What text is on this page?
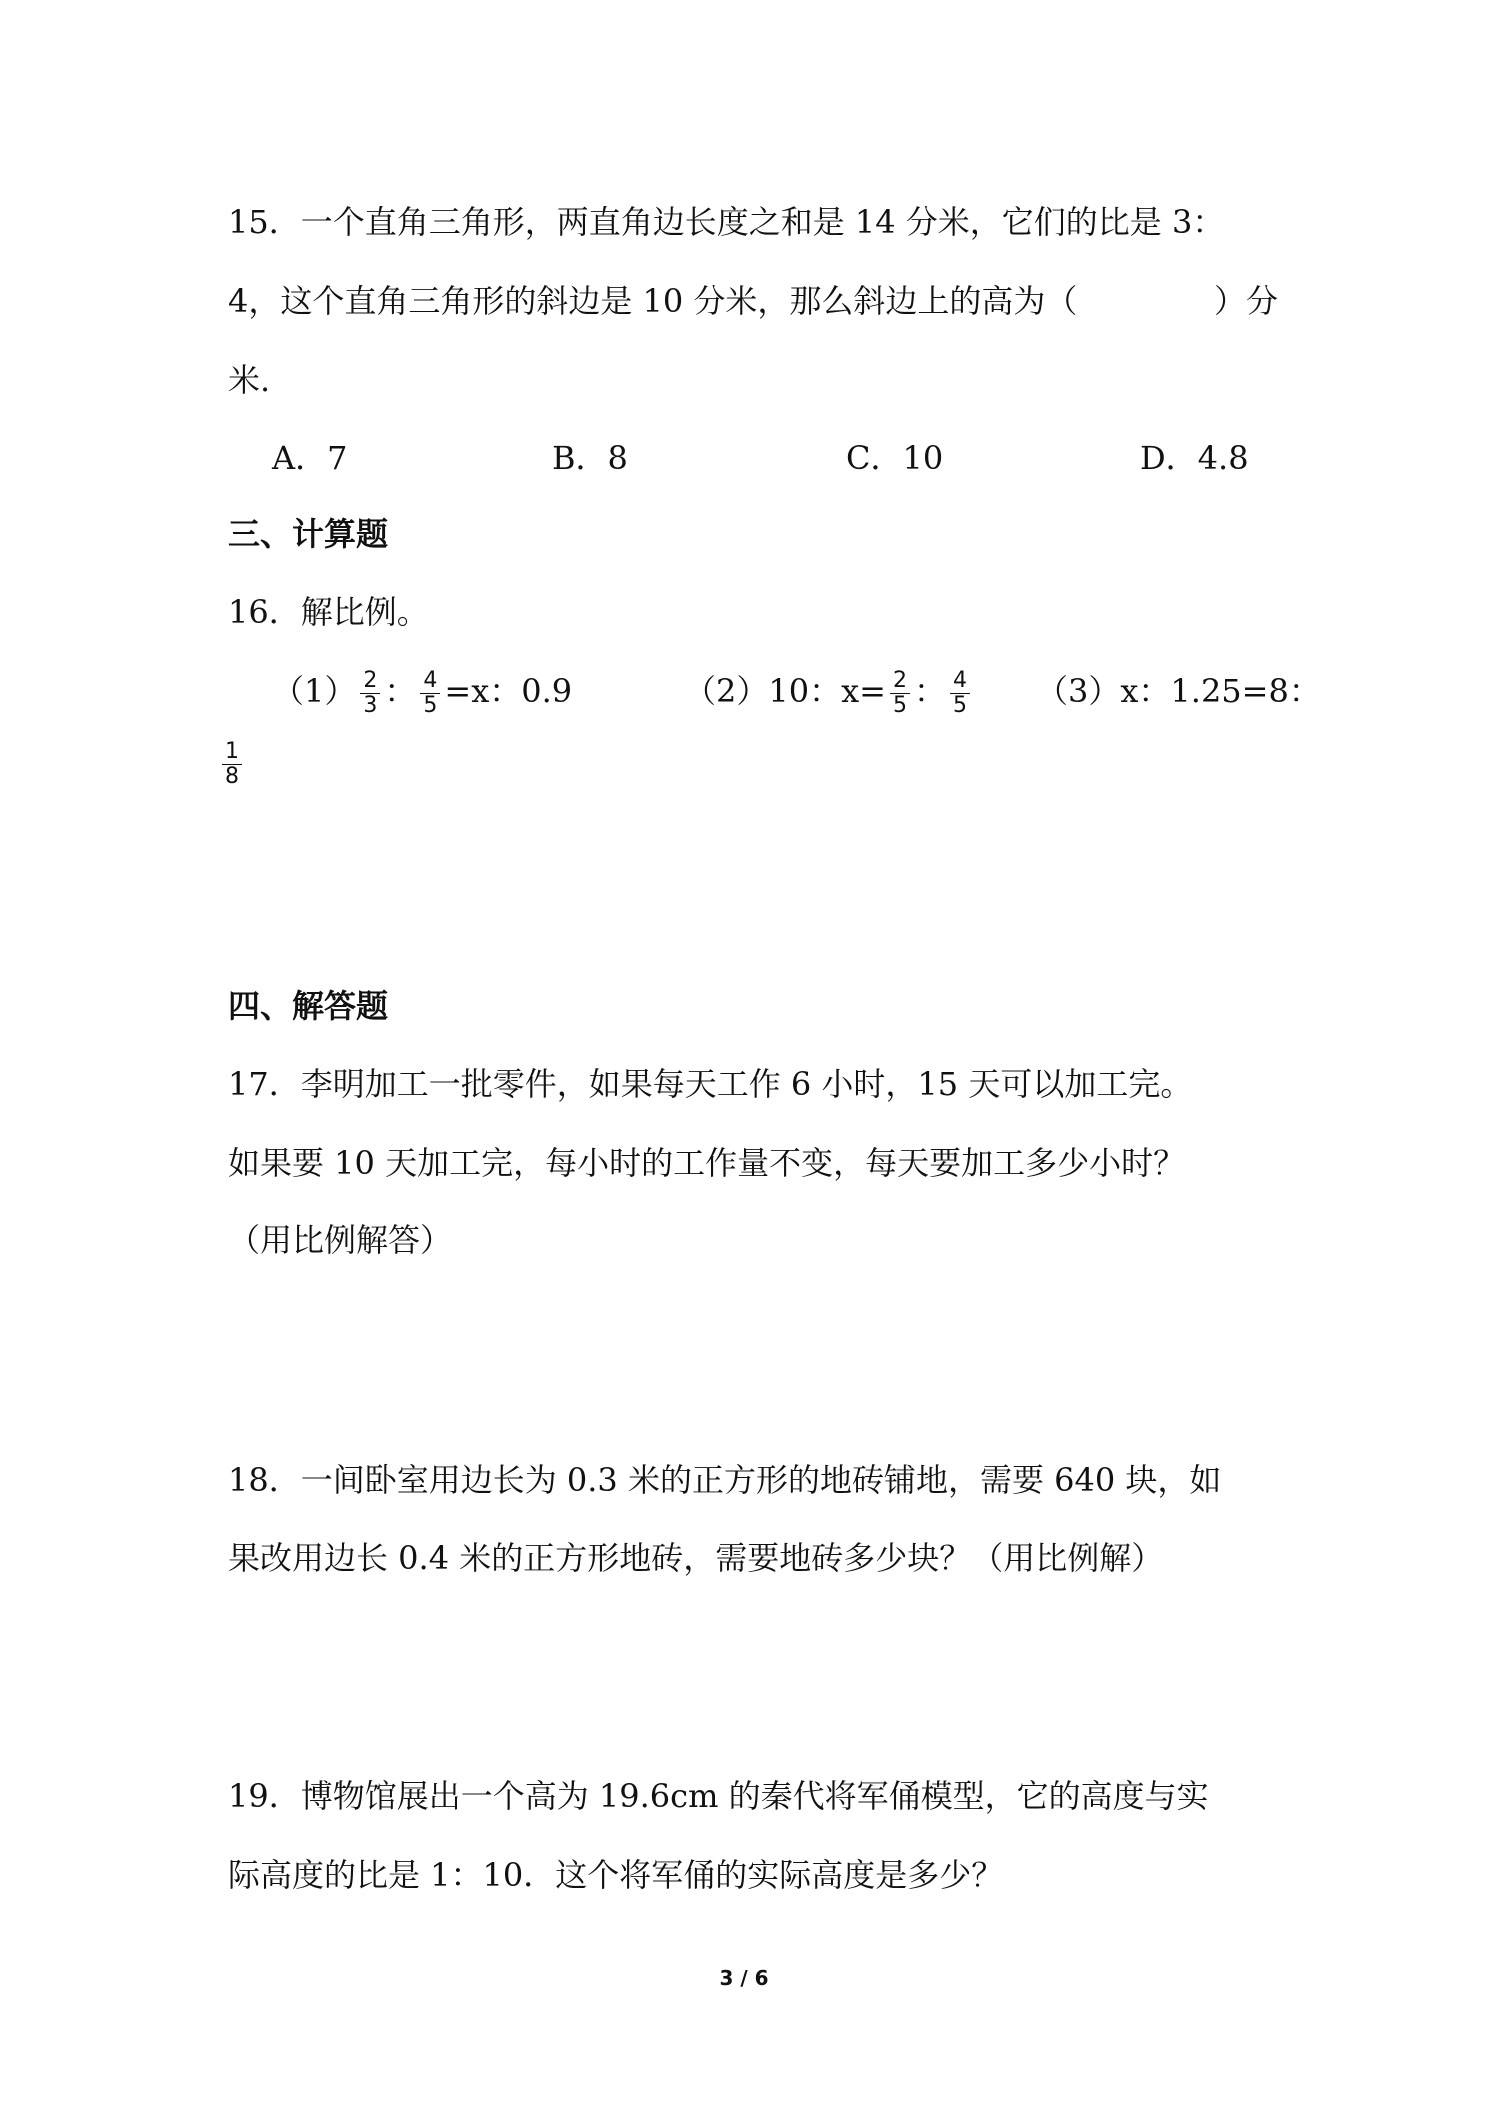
15．一个直角三角形，两直角边长度之和是 14 分米，它们的比是 3：
4，这个直角三角形的斜边是 10 分米，那么斜边上的高为（	）分
米.
A．7	B．8	C．10	D．4.8
三、计算题
16．解比例。
$(1) \frac{2}{3}$ ： $\frac{4}{5} =x$：0.9	（2）10：$x= \frac{2}{5}$ ： $\frac{4}{5} (3)x$：1.25=8：
$\frac{1}{8}$
四、解答题
17．李明加工一批零件，如果每天工作 6 小时，15 天可以加工完。
如果要 10 天加工完，每小时的工作量不变，每天要加工多少小时？
（用比例解答）
18．一间卧室用边长为 0.3 米的正方形的地砖铺地，需要 640 块，如
果改用边长 0.4 米的正方形地砖，需要地砖多少块？（用比例解）
19．博物馆展出一个高为 19.6cm 的秦代将军俑模型，它的高度与实
际高度的比是 1：10．这个将军俑的实际高度是多少？
3 / 6
